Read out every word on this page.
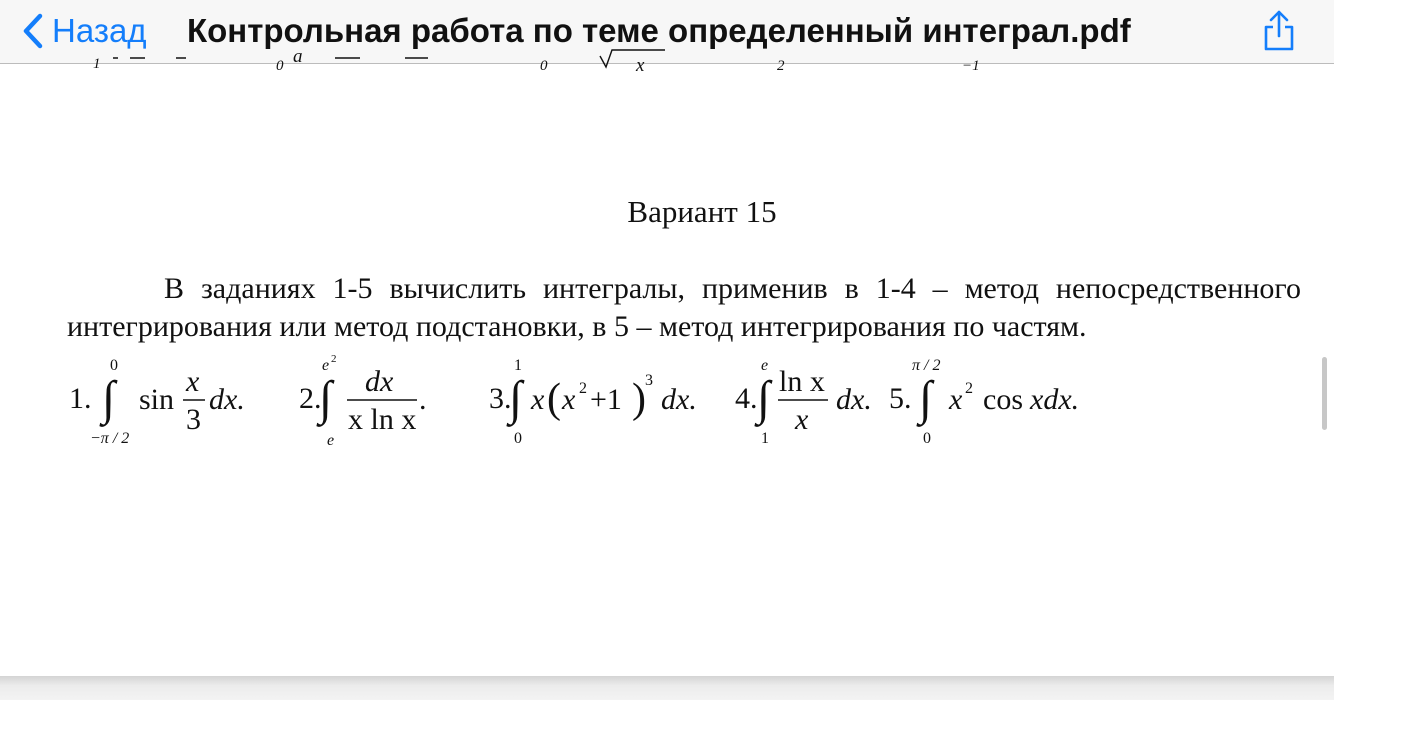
Назад Контрольная работа по теме определенный интеграл.pdf
1	0	0	2	−1
x
a
Вариант 15

В заданиях 1-5 вычислить интегралы, применив в 1-4 – метод непосредственного

интегрирования или метод подстановки, в 5 – метод интегрирования по частям.

1.
0
∫
−π / 2
sin
x
3
dx. 2.
e 2
∫
e
dx
x ln x
. 3.
1
∫
0
x ( x 2 +1 ) 3
dx. 4.
e
∫
1
ln x
x
dx. 5.
π / 2
∫
0
x 2 cos xdx.
